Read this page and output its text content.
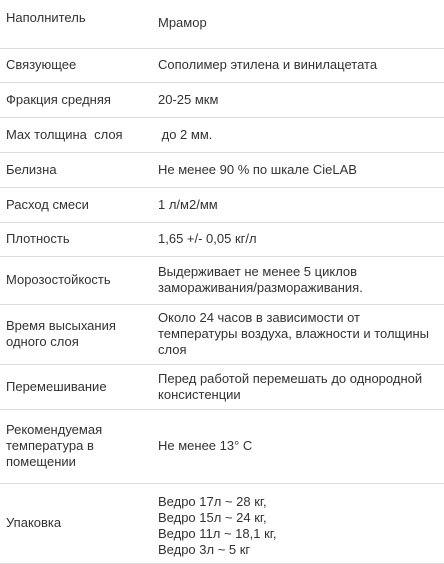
Наполнитель	Мрамор
Связующее	Сополимер этилена и винилацетата
Фракция средняя	20-25 мкм
Max толщина  слоя	до 2 мм.
Белизна	Не менее 90 % по шкале CieLAB
Расход смеси	1 л/м2/мм
Плотность	1,65 +/- 0,05 кг/л
Морозостойкость	Выдерживает не менее 5 циклов замораживания/размораживания.
Время высыхания одного слоя	Около 24 часов в зависимости от температуры воздуха, влажности и толщины слоя
Перемешивание	Перед работой перемешать до однородной консистенции
Рекомендуемая температура в помещении	Не менее 13° С
Упаковка	Ведро 17л ~ 28 кг,
Ведро 15л ~ 24 кг,
Ведро 11л ~ 18,1 кг,
Ведро 3л ~ 5 кг
